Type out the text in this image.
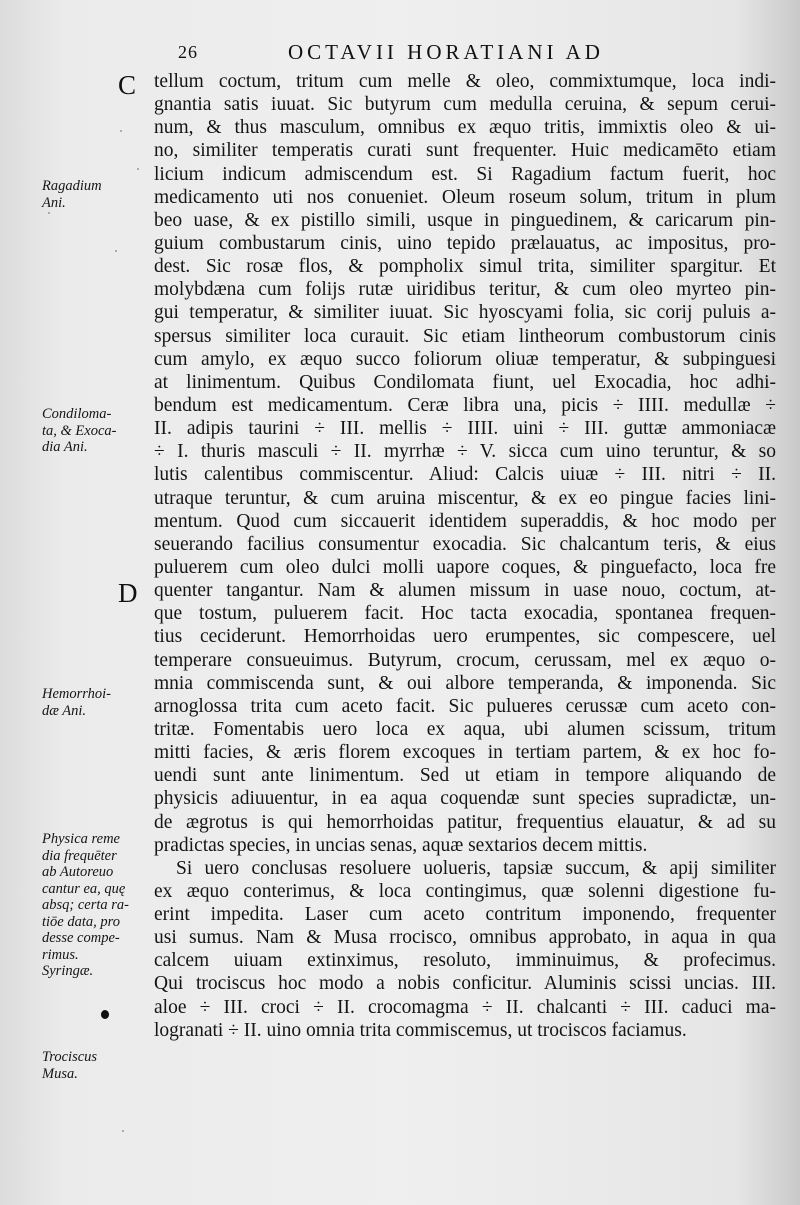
26	OCTAVII HORATIANI AD
C
D
Ragadium
Ani.
Condiloma-
ta, & Exoca-
dia Ani.
Hemorrhoi-
dæ Ani.
Physica reme
dia frequēter
ab Autoreuo
cantur ea, quę
absq; certa ra-
tiōe data, pro
desse compe-
rimus.
Syringæ.
Trociscus
Musa.
tellum coctum, tritum cum melle & oleo, commixtumque, loca indi-
gnantia satis iuuat. Sic butyrum cum medulla ceruina, & sepum cerui-
num, & thus masculum, omnibus ex æquo tritis, immixtis oleo & ui-
no, similiter temperatis curati sunt frequenter. Huic medicamēto etiam
licium indicum admiscendum est. Si Ragadium factum fuerit, hoc
medicamento uti nos conueniet. Oleum roseum solum, tritum in plum
beo uase, & ex pistillo simili, usque in pinguedinem, & caricarum pin-
guium combustarum cinis, uino tepido prælauatus, ac impositus, pro-
dest. Sic rosæ flos, & pompholix simul trita, similiter spargitur. Et
molybdæna cum folijs rutæ uiridibus teritur, & cum oleo myrteo pin-
gui temperatur, & similiter iuuat. Sic hyoscyami folia, sic corij puluis a-
spersus similiter loca curauit. Sic etiam lintheorum combustorum cinis
cum amylo, ex æquo succo foliorum oliuæ temperatur, & subpinguesi
at linimentum. Quibus Condilomata fiunt, uel Exocadia, hoc adhi-
bendum est medicamentum. Ceræ libra una, picis ÷ IIII. medullæ ÷
II. adipis taurini ÷ III. mellis ÷ IIII. uini ÷ III. guttæ ammoniacæ
÷ I. thuris masculi ÷ II. myrrhæ ÷ V. sicca cum uino teruntur, & so
lutis calentibus commiscentur. Aliud: Calcis uiuæ ÷ III. nitri ÷ II.
utraque teruntur, & cum aruina miscentur, & ex eo pingue facies lini-
mentum. Quod cum siccauerit identidem superaddis, & hoc modo per
seuerando facilius consumentur exocadia. Sic chalcantum teris, & eius
puluerem cum oleo dulci molli uapore coques, & pinguefacto, loca fre
quenter tangantur. Nam & alumen missum in uase nouo, coctum, at-
que tostum, puluerem facit. Hoc tacta exocadia, spontanea frequen-
tius ceciderunt. Hemorrhoidas uero erumpentes, sic compescere, uel
temperare consueuimus. Butyrum, crocum, cerussam, mel ex æquo o-
mnia commiscenda sunt, & oui albore temperanda, & imponenda. Sic
arnoglossa trita cum aceto facit. Sic pulueres cerussæ cum aceto con-
tritæ. Fomentabis uero loca ex aqua, ubi alumen scissum, tritum
mitti facies, & æris florem excoques in tertiam partem, & ex hoc fo-
uendi sunt ante linimentum. Sed ut etiam in tempore aliquando de
physicis adiuuentur, in ea aqua coquendæ sunt species supradictæ, un-
de ægrotus is qui hemorrhoidas patitur, frequentius elauatur, & ad su
pradictas species, in uncias senas, aquæ sextarios decem mittis.
Si uero conclusas resoluere uolueris, tapsiæ succum, & apij similiter
ex æquo conterimus, & loca contingimus, quæ solenni digestione fu-
erint impedita. Laser cum aceto contritum imponendo, frequenter
usi sumus. Nam & Musa rrocisco, omnibus approbato, in aqua in qua
calcem uiuam extinximus, resoluto, imminuimus, & profecimus.
Qui trociscus hoc modo a nobis conficitur. Aluminis scissi uncias. III.
aloe ÷ III. croci ÷ II. crocomagma ÷ II. chalcanti ÷ III. caduci ma-
logranati ÷ II. uino omnia trita commiscemus, ut trociscos faciamus.
